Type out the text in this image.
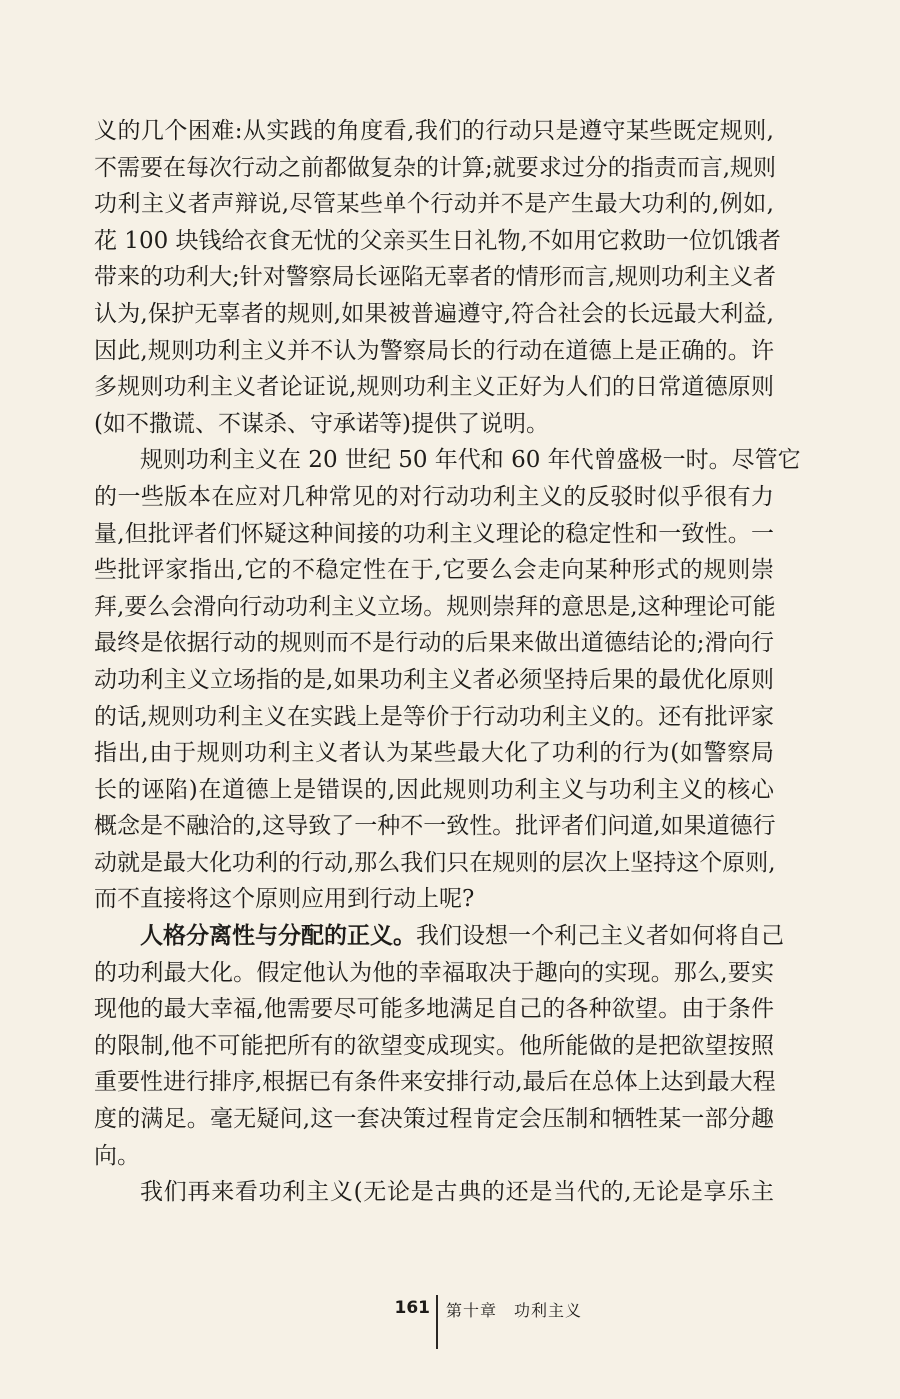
义的几个困难:从实践的角度看,我们的行动只是遵守某些既定规则,
不需要在每次行动之前都做复杂的计算;就要求过分的指责而言,规则
功利主义者声辩说,尽管某些单个行动并不是产生最大功利的,例如,
花 100 块钱给衣食无忧的父亲买生日礼物,不如用它救助一位饥饿者
带来的功利大;针对警察局长诬陷无辜者的情形而言,规则功利主义者
认为,保护无辜者的规则,如果被普遍遵守,符合社会的长远最大利益,
因此,规则功利主义并不认为警察局长的行动在道德上是正确的。许
多规则功利主义者论证说,规则功利主义正好为人们的日常道德原则
(如不撒谎、不谋杀、守承诺等)提供了说明。
规则功利主义在 20 世纪 50 年代和 60 年代曾盛极一时。尽管它
的一些版本在应对几种常见的对行动功利主义的反驳时似乎很有力
量,但批评者们怀疑这种间接的功利主义理论的稳定性和一致性。一
些批评家指出,它的不稳定性在于,它要么会走向某种形式的规则崇
拜,要么会滑向行动功利主义立场。规则崇拜的意思是,这种理论可能
最终是依据行动的规则而不是行动的后果来做出道德结论的;滑向行
动功利主义立场指的是,如果功利主义者必须坚持后果的最优化原则
的话,规则功利主义在实践上是等价于行动功利主义的。还有批评家
指出,由于规则功利主义者认为某些最大化了功利的行为(如警察局
长的诬陷)在道德上是错误的,因此规则功利主义与功利主义的核心
概念是不融洽的,这导致了一种不一致性。批评者们问道,如果道德行
动就是最大化功利的行动,那么我们只在规则的层次上坚持这个原则,
而不直接将这个原则应用到行动上呢?
人格分离性与分配的正义。我们设想一个利己主义者如何将自己
的功利最大化。假定他认为他的幸福取决于趣向的实现。那么,要实
现他的最大幸福,他需要尽可能多地满足自己的各种欲望。由于条件
的限制,他不可能把所有的欲望变成现实。他所能做的是把欲望按照
重要性进行排序,根据已有条件来安排行动,最后在总体上达到最大程
度的满足。毫无疑问,这一套决策过程肯定会压制和牺牲某一部分趣
向。
我们再来看功利主义(无论是古典的还是当代的,无论是享乐主
161 第十章　功利主义
